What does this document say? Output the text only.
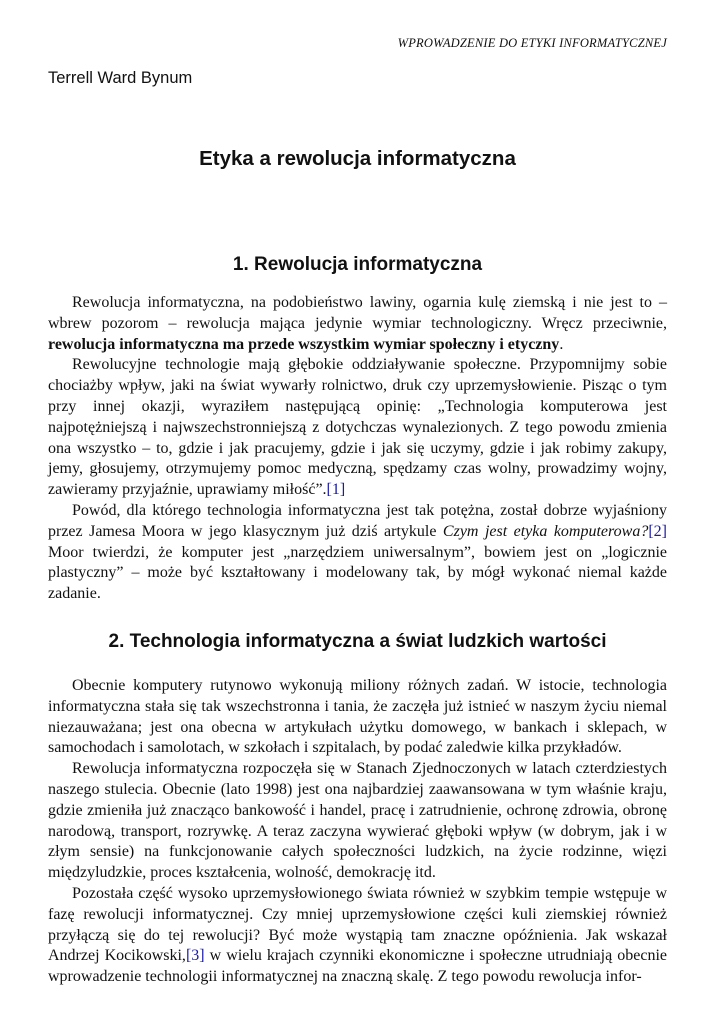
WPROWADZENIE DO ETYKI INFORMATYCZNEJ
Terrell Ward Bynum
Etyka a rewolucja informatyczna
1. Rewolucja informatyczna

Rewolucja informatyczna, na podobieństwo lawiny, ogarnia kulę ziemską i nie jest to – wbrew pozorom – rewolucja mająca jedynie wymiar technologiczny. Wręcz przeciwnie, rewolucja informatyczna ma przede wszystkim wymiar społeczny i etyczny.

Rewolucyjne technologie mają głębokie oddziaływanie społeczne. Przypomnijmy sobie chociażby wpływ, jaki na świat wywarły rolnictwo, druk czy uprzemysłowienie. Pisząc o tym przy innej okazji, wyraziłem następującą opinię: „Technologia komputerowa jest najpotężniejszą i najwszechstronniejszą z dotychczas wynalezionych. Z tego powodu zmienia ona wszystko – to, gdzie i jak pracujemy, gdzie i jak się uczymy, gdzie i jak robimy zakupy, jemy, głosujemy, otrzymujemy pomoc medyczną, spędzamy czas wolny, prowadzimy wojny, zawieramy przyjaźnie, uprawiamy miłość”.[1]

Powód, dla którego technologia informatyczna jest tak potężna, został dobrze wyjaśniony przez Jamesa Moora w jego klasycznym już dziś artykule Czym jest etyka komputerowa?[2] Moor twierdzi, że komputer jest „narzędziem uniwersalnym”, bowiem jest on „logicznie plastyczny” – może być kształtowany i modelowany tak, by mógł wykonać niemal każde zadanie.

2. Technologia informatyczna a świat ludzkich wartości

Obecnie komputery rutynowo wykonują miliony różnych zadań. W istocie, technologia informatyczna stała się tak wszechstronna i tania, że zaczęła już istnieć w naszym życiu niemal niezauważana; jest ona obecna w artykułach użytku domowego, w bankach i sklepach, w samochodach i samolotach, w szkołach i szpitalach, by podać zaledwie kilka przykładów.

Rewolucja informatyczna rozpoczęła się w Stanach Zjednoczonych w latach czterdziestych naszego stulecia. Obecnie (lato 1998) jest ona najbardziej zaawansowana w tym właśnie kraju, gdzie zmieniła już znacząco bankowość i handel, pracę i zatrudnienie, ochronę zdrowia, obronę narodową, transport, rozrywkę. A teraz zaczyna wywierać głęboki wpływ (w dobrym, jak i w złym sensie) na funkcjonowanie całych społeczności ludzkich, na życie rodzinne, więzi międzyludzkie, proces kształcenia, wolność, demokrację itd.

Pozostała część wysoko uprzemysłowionego świata również w szybkim tempie wstępuje w fazę rewolucji informatycznej. Czy mniej uprzemysłowione części kuli ziemskiej również przyłączą się do tej rewolucji? Być może wystąpią tam znaczne opóźnienia. Jak wskazał Andrzej Kocikowski,[3] w wielu krajach czynniki ekonomiczne i społeczne utrudniają obecnie wprowadzenie technologii informatycznej na znaczną skalę. Z tego powodu rewolucja infor-
